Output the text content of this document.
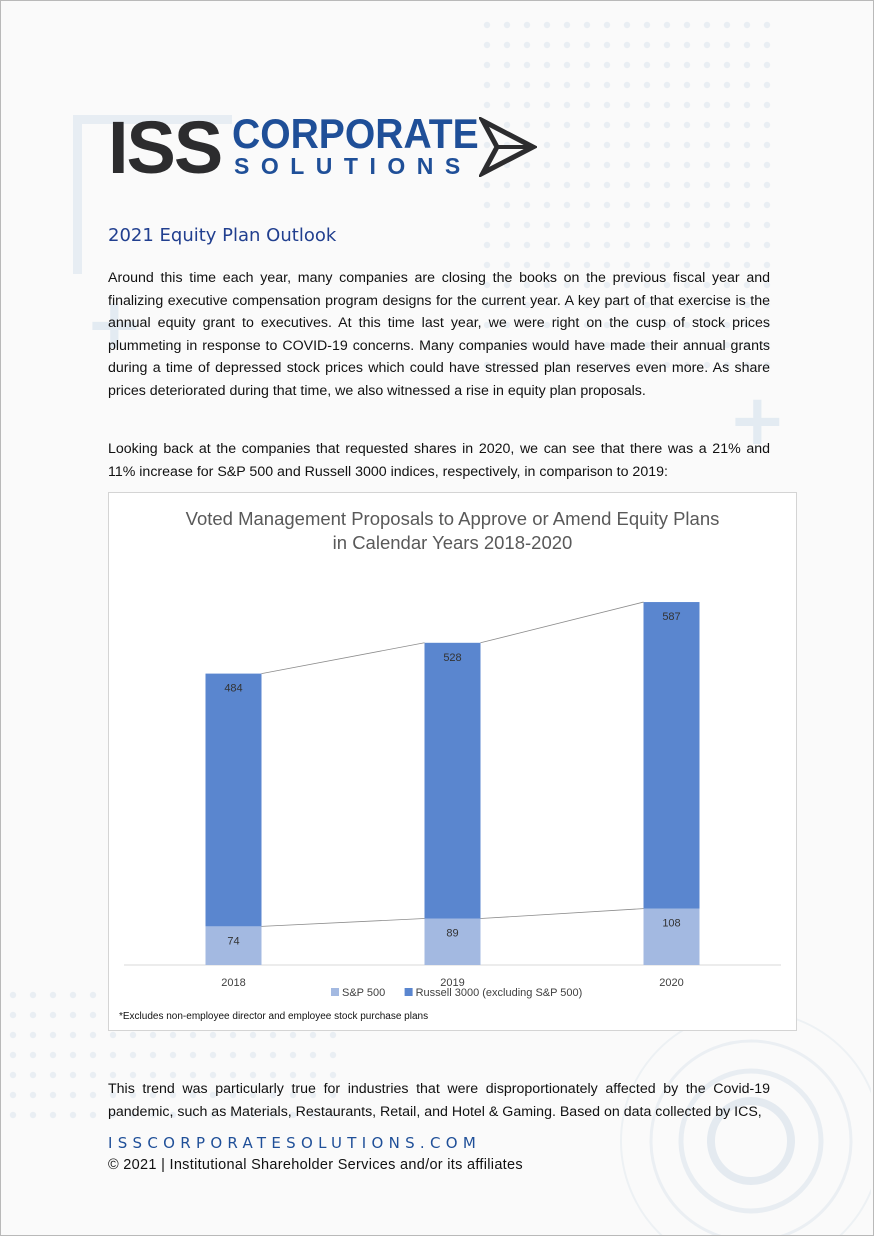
+
+
ISS CORPORATE
SOLUTIONS
2021 Equity Plan Outlook

Around this time each year, many companies are closing the books on the previous fiscal year and finalizing executive compensation program designs for the current year. A key part of that exercise is the annual equity grant to executives. At this time last year, we were right on the cusp of stock prices plummeting in response to COVID-19 concerns. Many companies would have made their annual grants during a time of depressed stock prices which could have stressed plan reserves even more. As share prices deteriorated during that time, we also witnessed a rise in equity plan proposals.

Looking back at the companies that requested shares in 2020, we can see that there was a 21% and 11% increase for S&P 500 and Russell 3000 indices, respectively, in comparison to 2019:

Voted Management Proposals to Approve or Amend Equity Plans
in Calendar Years 2018-2020
74
484
2018
89
528
2019
108
587
2020
S&P 500	Russell 3000 (excluding S&P 500)
*Excludes non-employee director and employee stock purchase plans

This trend was particularly true for industries that were disproportionately affected by the Covid-19 pandemic, such as Materials, Restaurants, Retail, and Hotel & Gaming. Based on data collected by ICS,

ISSCORPORATESOLUTIONS.COM
© 2021 | Institutional Shareholder Services and/or its affiliates
